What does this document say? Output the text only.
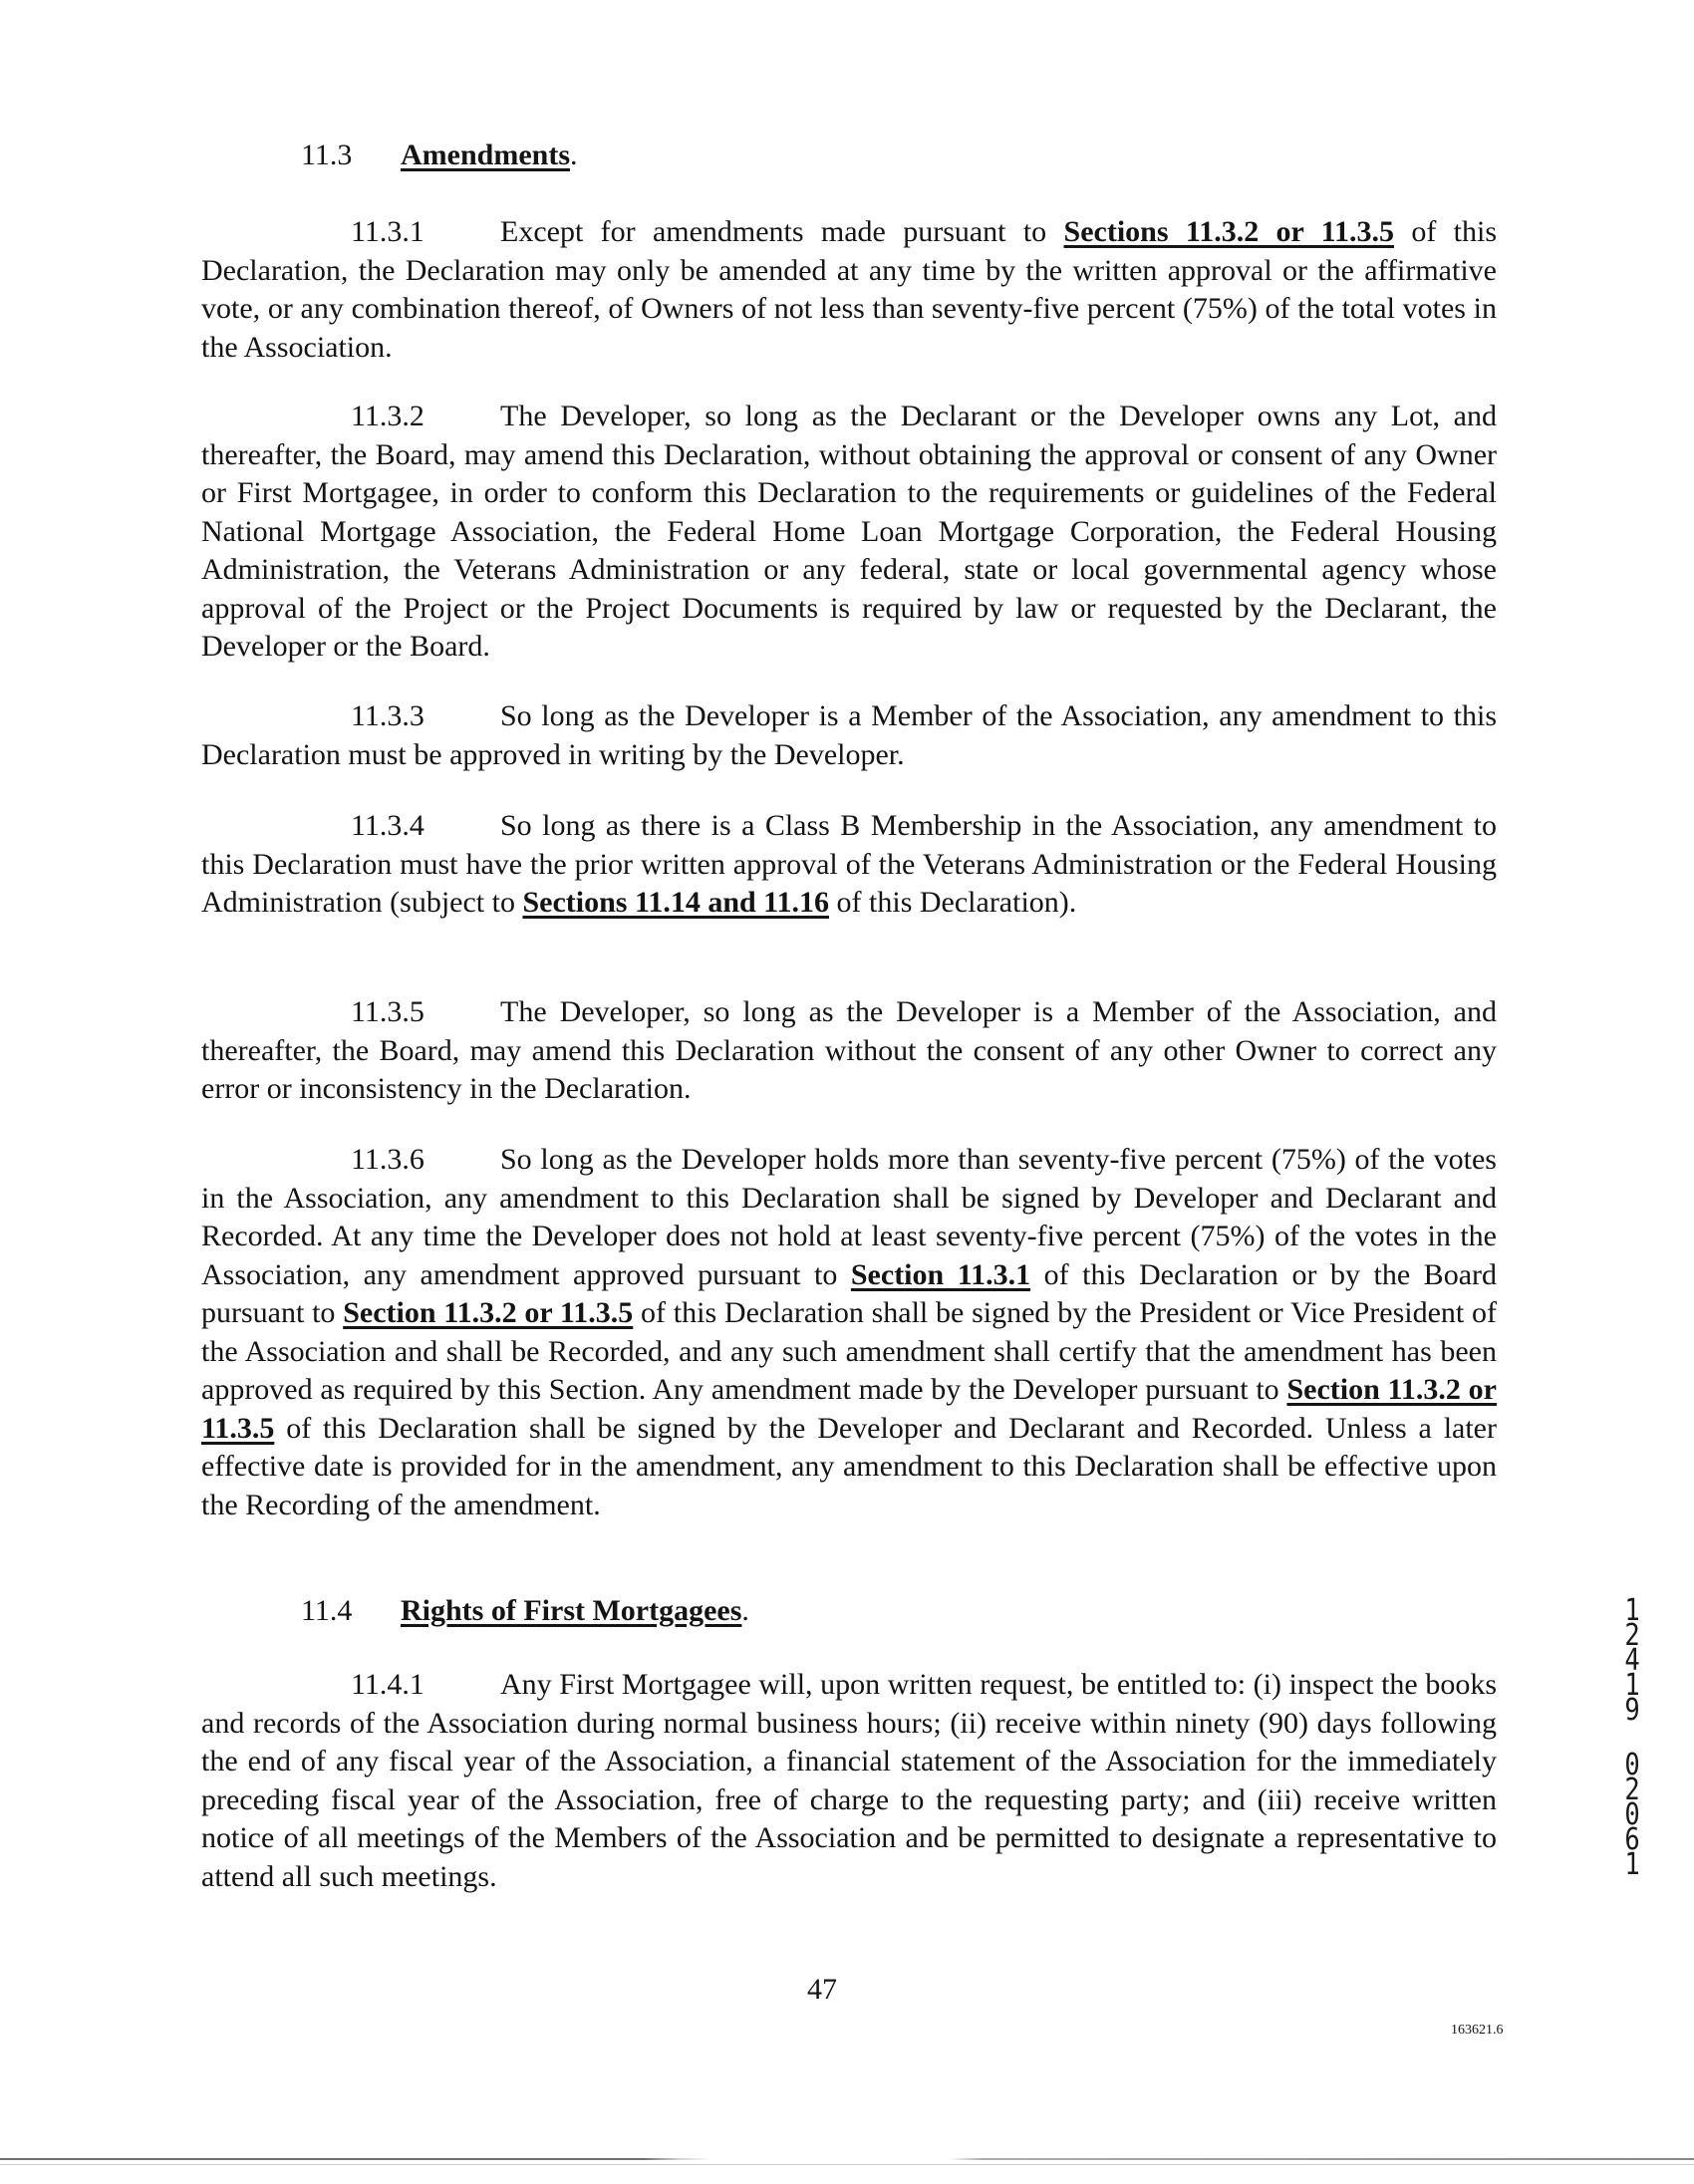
11.3 Amendments.
11.3.1	Except for amendments made pursuant to Sections 11.3.2 or 11.3.5 of this Declaration, the Declaration may only be amended at any time by the written approval or the affirmative vote, or any combination thereof, of Owners of not less than seventy-five percent (75%) of the total votes in the Association.
11.3.2	The Developer, so long as the Declarant or the Developer owns any Lot, and thereafter, the Board, may amend this Declaration, without obtaining the approval or consent of any Owner or First Mortgagee, in order to conform this Declaration to the requirements or guidelines of the Federal National Mortgage Association, the Federal Home Loan Mortgage Corporation, the Federal Housing Administration, the Veterans Administration or any federal, state or local governmental agency whose approval of the Project or the Project Documents is required by law or requested by the Declarant, the Developer or the Board.
11.3.3	So long as the Developer is a Member of the Association, any amendment to this Declaration must be approved in writing by the Developer.
11.3.4	So long as there is a Class B Membership in the Association, any amendment to this Declaration must have the prior written approval of the Veterans Administration or the Federal Housing Administration (subject to Sections 11.14 and 11.16 of this Declaration).
11.3.5	The Developer, so long as the Developer is a Member of the Association, and thereafter, the Board, may amend this Declaration without the consent of any other Owner to correct any error or inconsistency in the Declaration.
11.3.6	So long as the Developer holds more than seventy-five percent (75%) of the votes in the Association, any amendment to this Declaration shall be signed by Developer and Declarant and Recorded. At any time the Developer does not hold at least seventy-five percent (75%) of the votes in the Association, any amendment approved pursuant to Section 11.3.1 of this Declaration or by the Board pursuant to Section 11.3.2 or 11.3.5 of this Declaration shall be signed by the President or Vice President of the Association and shall be Recorded, and any such amendment shall certify that the amendment has been approved as required by this Section. Any amendment made by the Developer pursuant to Section 11.3.2 or 11.3.5 of this Declaration shall be signed by the Developer and Declarant and Recorded. Unless a later effective date is provided for in the amendment, any amendment to this Declaration shall be effective upon the Recording of the amendment.
11.4 Rights of First Mortgagees.
11.4.1	Any First Mortgagee will, upon written request, be entitled to: (i) inspect the books and records of the Association during normal business hours; (ii) receive within ninety (90) days following the end of any fiscal year of the Association, a financial statement of the Association for the immediately preceding fiscal year of the Association, free of charge to the requesting party; and (iii) receive written notice of all meetings of the Members of the Association and be permitted to designate a representative to attend all such meetings.
1
2
4
1
9
0
2
0
6
1
47
163621.6
